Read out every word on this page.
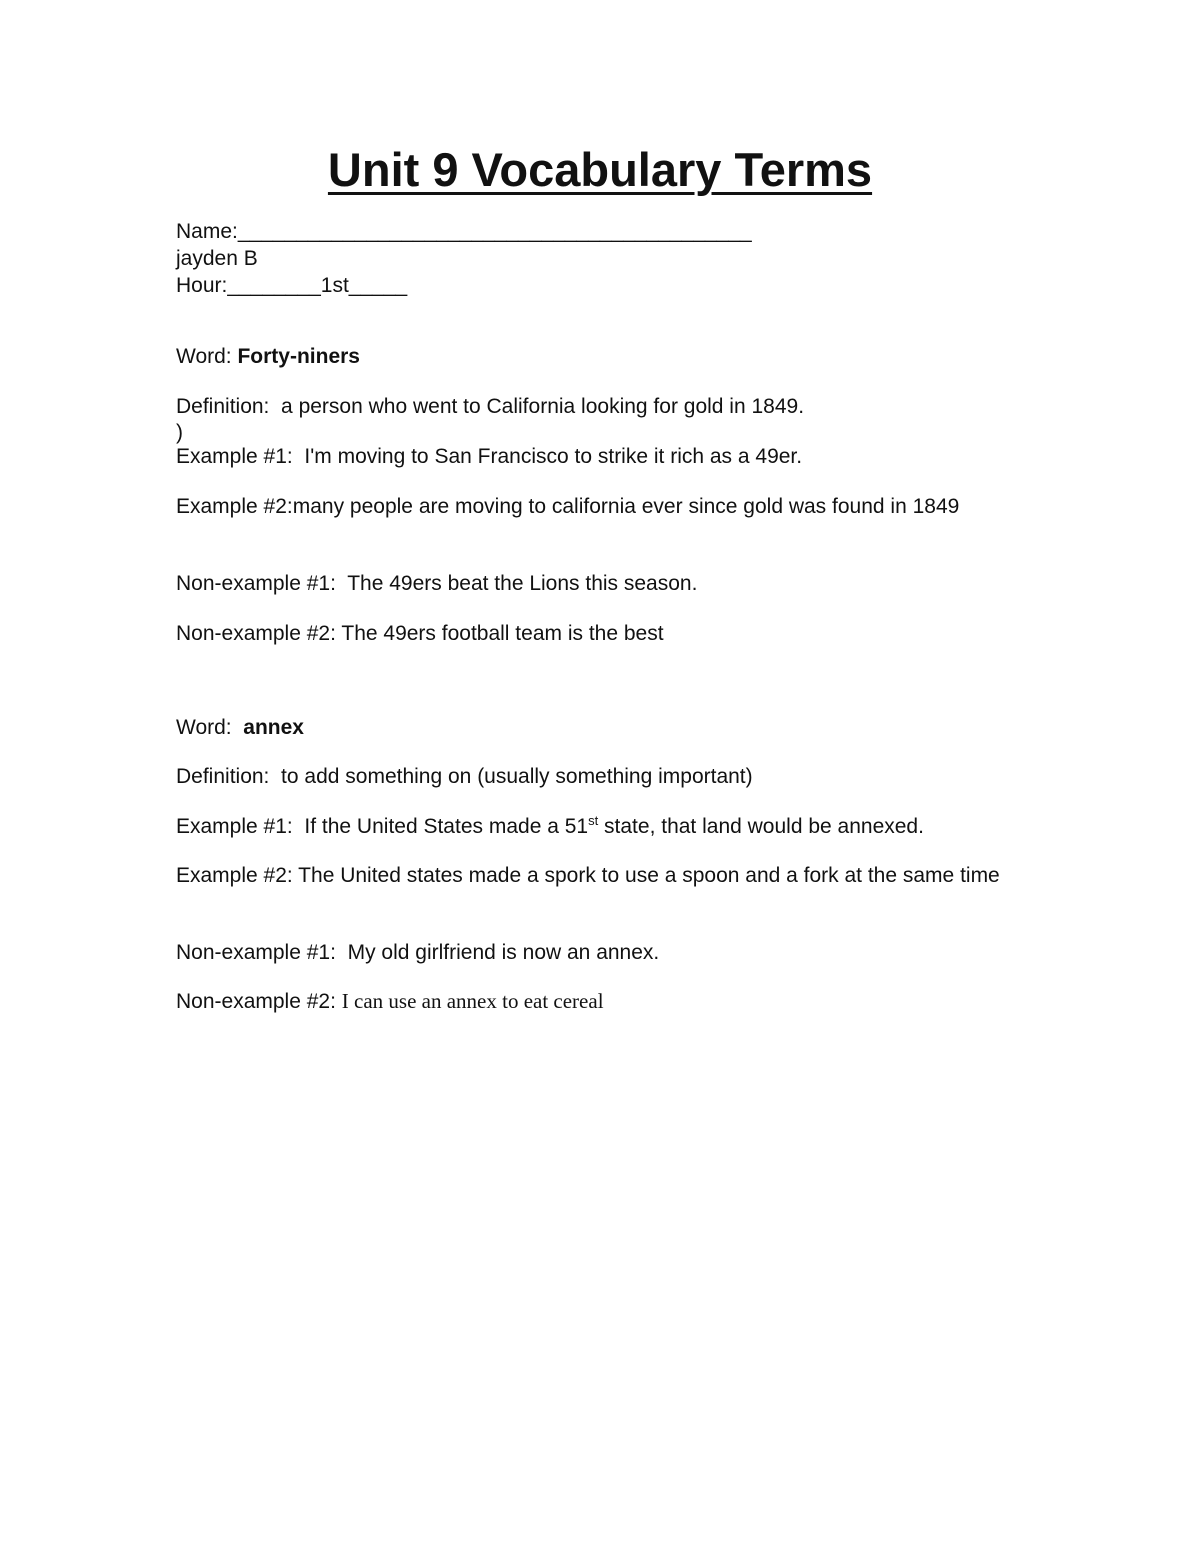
Unit 9 Vocabulary Terms

Name:____________________________________________

jayden B

Hour:________1st_____

Word: Forty-niners

Definition:  a person who went to California looking for gold in 1849.

)

Example #1:  I'm moving to San Francisco to strike it rich as a 49er.

Example #2:many people are moving to california ever since gold was found in 1849

Non-example #1:  The 49ers beat the Lions this season.

Non-example #2: The 49ers football team is the best

Word:  annex

Definition:  to add something on (usually something important)

Example #1:  If the United States made a 51st state, that land would be annexed.

Example #2: The United states made a spork to use a spoon and a fork at the same time

Non-example #1:  My old girlfriend is now an annex.

Non-example #2: I can use an annex to eat cereal
